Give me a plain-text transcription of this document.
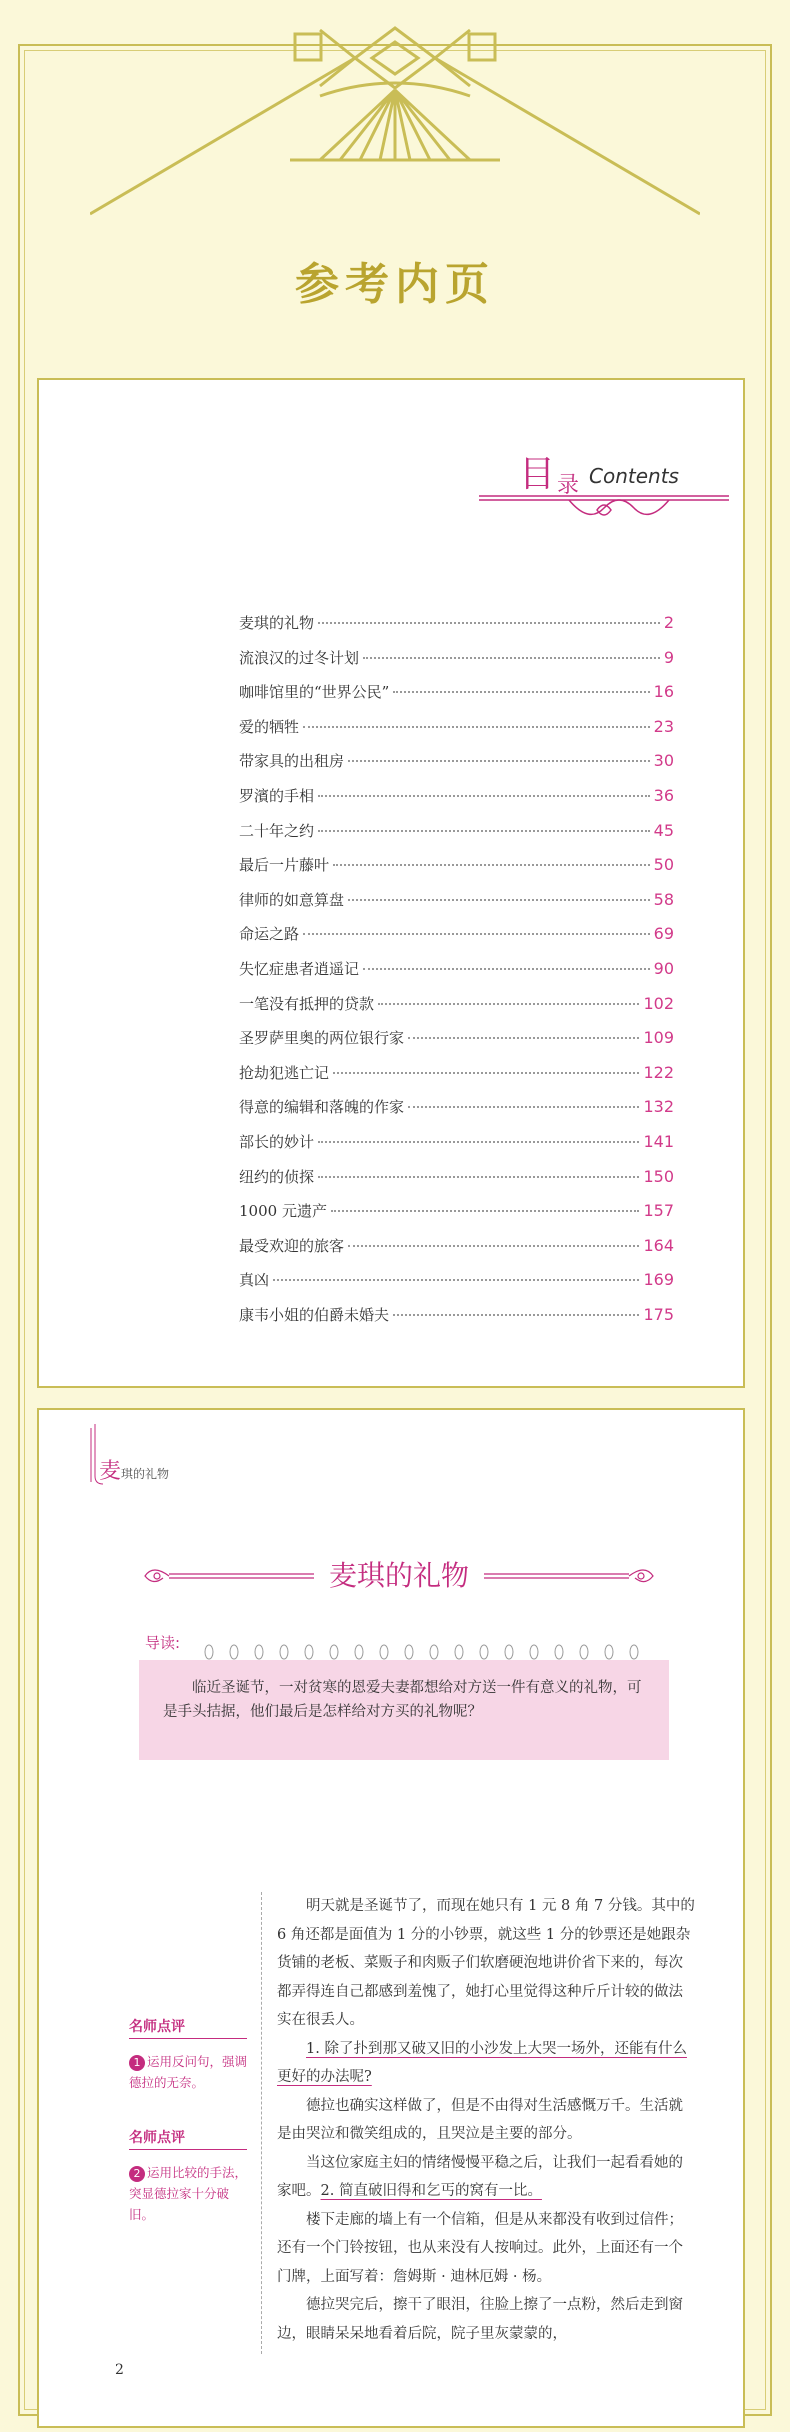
参考内页
目 录 Contents
麦琪的礼物	2
流浪汉的过冬计划	9
咖啡馆里的“世界公民”	16
爱的牺牲	23
带家具的出租房	30
罗濱的手相	36
二十年之约	45
最后一片藤叶	50
律师的如意算盘	58
命运之路	69
失忆症患者逍遥记	90
一笔没有抵押的贷款	102
圣罗萨里奥的两位银行家	109
抢劫犯逃亡记	122
得意的编辑和落魄的作家	132
部长的妙计	141
纽约的侦探	150
1000 元遗产	157
最受欢迎的旅客	164
真凶	169
康韦小姐的伯爵未婚夫	175
麦琪的礼物
麦琪的礼物
导读:
临近圣诞节，一对贫寒的恩爱夫妻都想给对方送一件有意义的礼物，可是手头拮据，他们最后是怎样给对方买的礼物呢？
名师点评
1 运用反问句，强调德拉的无奈。
名师点评
2 运用比较的手法，突显德拉家十分破旧。

明天就是圣诞节了，而现在她只有 1 元 8 角 7 分钱。其中的 6 角还都是面值为 1 分的小钞票，就这些 1 分的钞票还是她跟杂货铺的老板、菜贩子和肉贩子们软磨硬泡地讲价省下来的，每次都弄得连自己都感到羞愧了，她打心里觉得这种斤斤计较的做法实在很丢人。

1. 除了扑到那又破又旧的小沙发上大哭一场外，还能有什么更好的办法呢?

德拉也确实这样做了，但是不由得对生活感慨万千。生活就是由哭泣和微笑组成的，且哭泣是主要的部分。

当这位家庭主妇的情绪慢慢平稳之后，让我们一起看看她的家吧。2. 简直破旧得和乞丐的窝有一比。

楼下走廊的墙上有一个信箱，但是从来都没有收到过信件；还有一个门铃按钮，也从来没有人按响过。此外，上面还有一个门牌，上面写着：詹姆斯 · 迪林厄姆 · 杨。

德拉哭完后，擦干了眼泪，往脸上擦了一点粉，然后走到窗边，眼睛呆呆地看着后院，院子里灰蒙蒙的，

2
